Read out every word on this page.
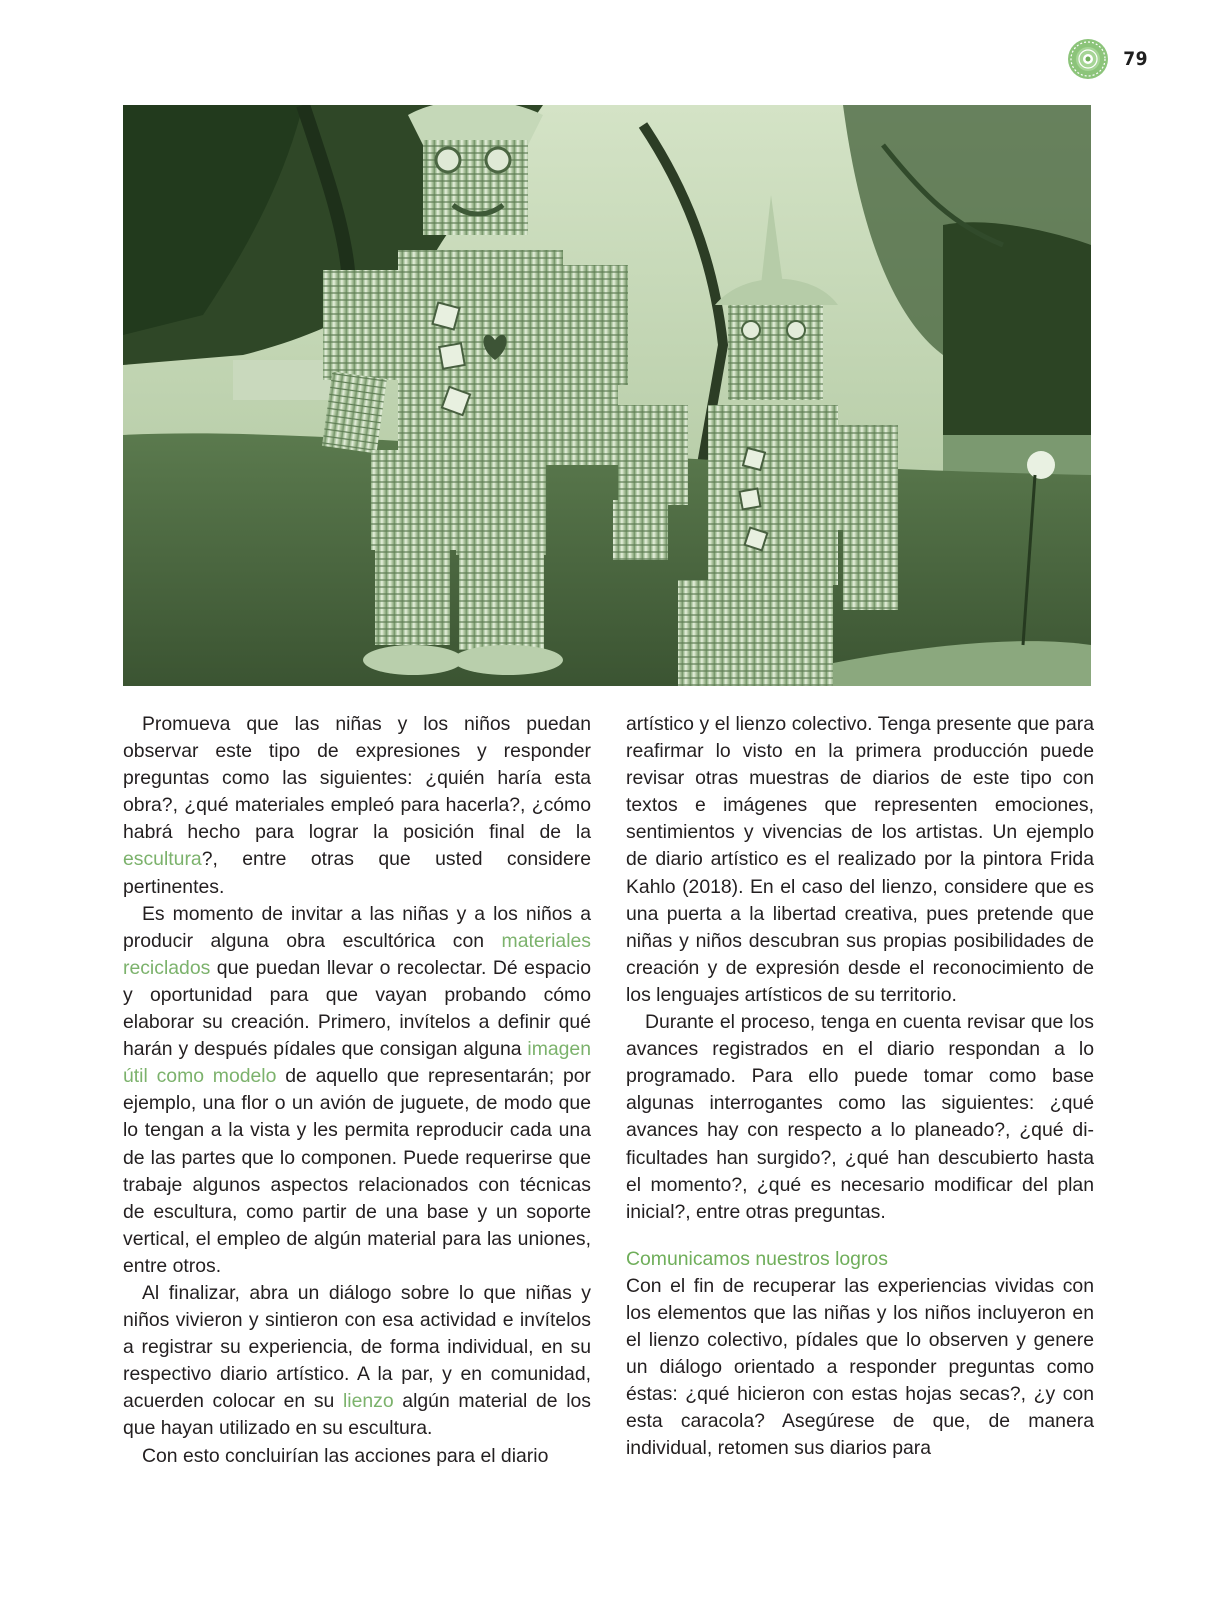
79

Promueva que las niñas y los niños puedan observar este tipo de expresiones y responder preguntas como las siguientes: ¿quién haría esta obra?, ¿qué materiales empleó para hacerla?, ¿cómo habrá hecho para lograr la posición final de la escultura?, entre otras que usted considere pertinentes.

Es momento de invitar a las niñas y a los niños a producir alguna obra escultórica con materiales reciclados que puedan llevar o recolectar. Dé espacio y oportunidad para que vayan probando cómo elaborar su creación. Primero, invítelos a definir qué harán y después pídales que consigan alguna imagen útil como modelo de aquello que representarán; por ejemplo, una flor o un avión de juguete, de modo que lo tengan a la vista y les permita reproducir cada una de las partes que lo componen. Puede requerirse que trabaje algunos aspectos relacionados con técnicas de escultura, como partir de una base y un soporte vertical, el empleo de algún material para las uniones, entre otros.

Al finalizar, abra un diálogo sobre lo que niñas y niños vivieron y sintieron con esa actividad e invítelos a registrar su experiencia, de forma individual, en su respectivo diario artístico. A la par, y en comunidad, acuerden colocar en su lienzo algún material de los que hayan utilizado en su escultura.

Con esto concluirían las acciones para el diario

artístico y el lienzo colectivo. Tenga presente que para reafirmar lo visto en la primera producción puede revisar otras muestras de diarios de este tipo con textos e imágenes que representen emociones, sentimientos y vivencias de los artistas. Un ejemplo de diario artístico es el realizado por la pintora Frida Kahlo (2018). En el caso del lienzo, considere que es una puerta a la libertad creativa, pues pretende que niñas y niños descubran sus propias posibilidades de creación y de expresión desde el reconocimiento de los lenguajes artísticos de su territorio.

Durante el proceso, tenga en cuenta revisar que los avances registrados en el diario respondan a lo programado. Para ello puede tomar como base algunas interrogantes como las siguientes: ¿qué avances hay con respecto a lo planeado?, ¿qué dificultades han surgido?, ¿qué han descubierto hasta el momento?, ¿qué es necesario modificar del plan inicial?, entre otras preguntas.

Comunicamos nuestros logros

Con el fin de recuperar las experiencias vividas con los elementos que las niñas y los niños incluyeron en el lienzo colectivo, pídales que lo observen y genere un diálogo orientado a responder preguntas como éstas: ¿qué hicieron con estas hojas secas?, ¿y con esta caracola? Asegúrese de que, de manera individual, retomen sus diarios para
